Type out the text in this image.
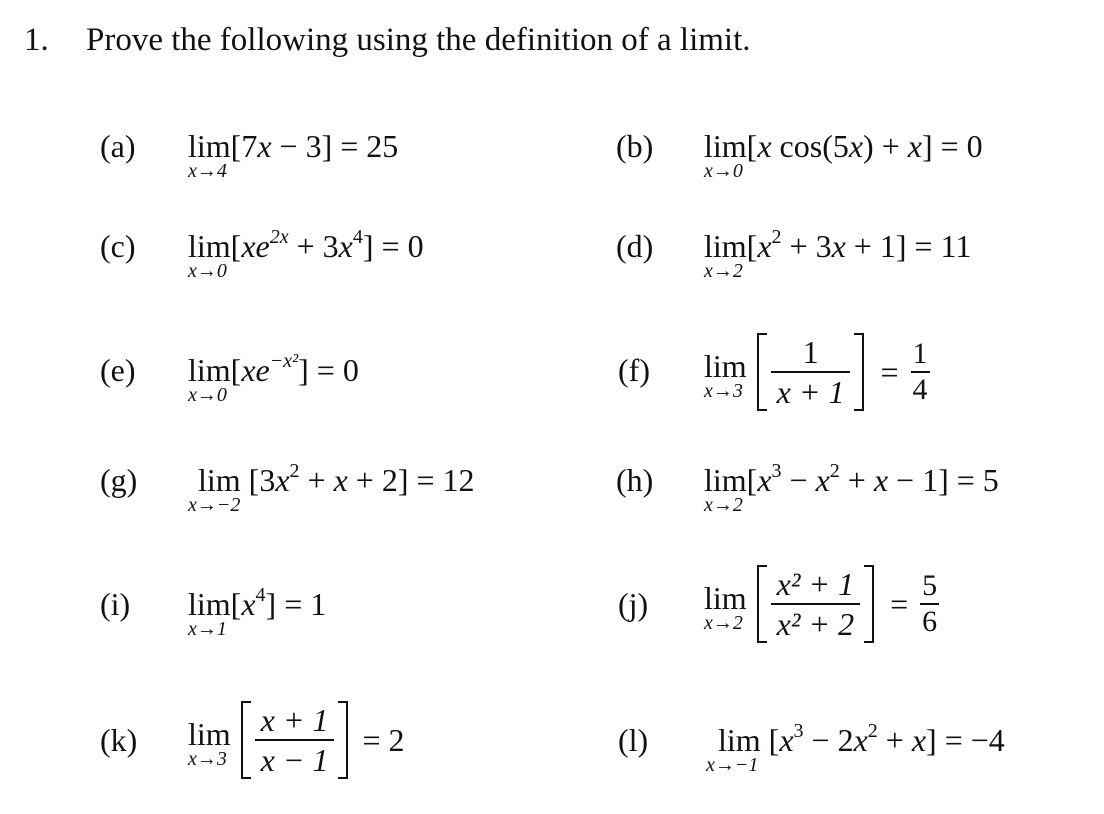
1. Prove the following using the definition of a limit.
(a) lim
x→4
[7x − 3] = 25	(b) lim
x→0
[x cos(5x) + x] = 0
(c) lim
x→0
$[xe^{2x} + 3x^4] = 0$	(d) lim
x→2
$[x^2 + 3x + 1] = 11$
(e) lim
x→0
$[xe^{-x^2}] = 0$	(f) lim
$x\to 3 \frac{1}{x + 1} = \frac{1}{4}$
(g)	lim
x→−2
$[3x^2 + x + 2] = 12$	(h) lim
x→2
$[x^3 - x^2 + x - 1] = 5$
(i) lim
x→1
$[x^4] = 1$	(j) lim
$x\to 2 \frac{\text{x² + 1}}{\text{x² + 2}} = \frac{5}{6}$
(k) lim
$x\to 3 \frac{x + 1}{x - 1} = 2$	(l)	lim
x→−1
$[x^3 - 2x^2 + x] = -4$
